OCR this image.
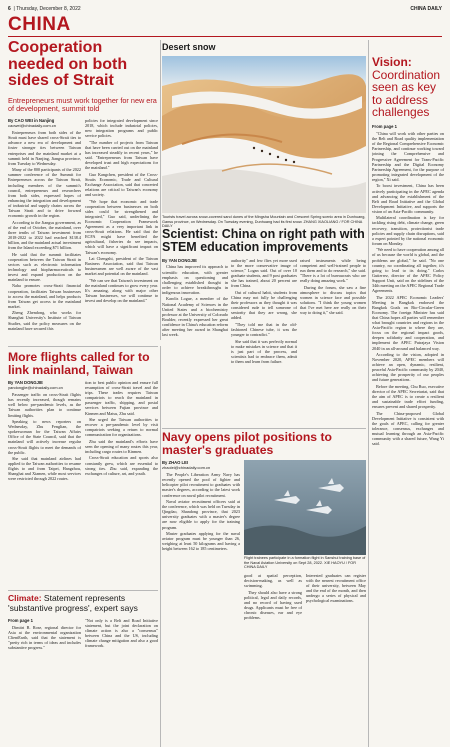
6  | Thursday, December 8, 2022	CHINA DAILY
CHINA
Cooperation needed on both sides of Strait
Entrepreneurs must work together for new era of development, summit told

By CAO WEI in Nanjing

caowei@chinadaily.com.cn

Entrepreneurs from both sides of the Strait must have shared cross-Strait ties to advance a new era of development and foster stronger ties between Taiwan enterprises and the mainland market at a summit held in Nanjing, Jiangsu province, from Tuesday to Wednesday.

Many of the 800 participants of the 2022 summer conference of the Summit for Entrepreneurs across the Taiwan Strait, including members of the summit's council, entrepreneurs and researchers from both sides, expressed hopes of enhancing the integration and development of industrial and supply chains across the Taiwan Strait and to drive forward economic growth in the region.

According to the Jiangsu government, as of the end of October, the mainland, over three tenths of Taiwan investment from 2018-2022 to 2022 had reached $138.4 billion, and the mainland actual investment from the Island exceeding $71 billion.

He said that the summit facilitates cooperation between the Taiwan Strait in sectors such as electronic information technology and biopharmaceuticals to invest and expand production on the mainland to ensure.

Naha promotes cross-Strait financial cooperation, facilitates Taiwan businesses to access the mainland, and helps products from Taiwan get access to the mainland market.

Zheng Zhendong, who works for Shanghai University's Institute of Taiwan Studies, said the policy measures on the mainland have secured this

policies for integrated development since 2018, which include industrial policies, new integration programs and public service policies.

"The number of projects from Taiwan that have been carried out on the mainland has increased steadily in recent years," he said. "Entrepreneurs from Taiwan have developed trust and high expectations for the mainland."

Guo Kangchen, president of the Cross-Straits Economic, Trade and Cultural Exchange Association, said that concerted relations are critical to Taiwan's economy and society.

"We hope that economic and trade cooperation between businesses on both sides could be strengthened and integrated," Guo said, underlining the Economic Cooperation Framework Agreement as a very important link in cross-Strait relations. He said that the ECFA might have benefited the agricultural, fisheries do see impacts, which will have a significant impact on Taiwan's economy.

Lai Chengzhi, president of the Taiwan Business Association, said that Taiwan businessmen are well aware of the vast market and potential on the mainland.

"We can see that Taiwan's investment on the mainland continues to grow every year. It's amazing, along with major other Taiwan businesses, we will continue to invest and develop on the mainland."

Desert snow
Tourists travel across snow-covered sand dunes of the Mingsha Mountain and Crescent Spring scenic area in Dunhuang, Gansu province, on Wednesday. On Tuesday evening, Dunhuang had its first snow. ZHANG XIAOLIANG / FOR CHINA DAILY
Scientist: China on right path with STEM education improvements

By YAN DONGJIE

China has improved its approach to scientific education, with greater emphasis on questioning and challenging established thought in order to achieve breakthroughs in indigenous innovation.

Karolis Logue, a member of the National Academy of Sciences in the United States and a biochemistry professor at the University of Colorado Boulder, recently expressed her great confidence in China's education reform after meeting her award in Shanghai last week.

authority" and few flies yet more used to the more conservative image of science," Logan said. Out of over 10 graduate students, and 9 post graduates she has trained, about 20 percent are from China.

Out of cultural habit, students from China may not fully be challenging their professors as they thought it was considered rude to tell someone of seniority that they are wrong, she added.

"They told me that in the old-fashioned Chinese tube, it was the younger to contradict."

She said that it was perfectly normal to make mistakes in science and that it is just part of the process, and scientists had to embrace them, admit to them and learn from failure.

raised instruments while being competent and well-trained people to run them and to do research," she said. "There is a lot of bureaucrats who are really doing amazing work."

During the forum, she saw a fine atmosphere to discuss topics that women in science face and possible solutions. "I think the young women that I've met here are really on their way to doing it," she said.

Vision: Coordination seen as key to address challenges

From page 1

"China will work with other parties on the Belt and Road quality implementation of the Regional Comprehensive Economic Partnership, and continue working toward joining the Comprehensive and Progressive Agreement for Trans-Pacific Partnership and the Digital Economy Partnership Agreement, for the purpose of promoting integrated development of the region," Xi said.

To boost investment, China has been actively participating in the APEC agenda and advancing the establishment of the Belt and Road Initiative and the Global Development Initiative, and supports the vision of an Asia-Pacific community.

Multilateral coordination is key for tackling rising debt, climate change, green recovery, transition, protectionist trade policies and supply chain disruptions, said a expert pointed by the national economic forum on Monday.

"We need to have cooperation among all of us because the world is global, and the problems are global," he said. "No one country, no coordinating all together, it's going to lead to its doing." Carlos Gutierrez, director of the APEC Policy Support Unit, said on the sidelines of the 34th meeting on the APEC Regional Trade Agreements.

The 2022 APEC Economic Leaders' Meeting in Bangkok endorsed the Bangkok Goals on Bio-Circular-Green Economy. The foreign Minister has said that China hopes all parties will remember what brought countries and regions in the Asia-Pacific region to where they are, focus on the regional impact goods, deepen solidarity and cooperation, and implement the APEC Putrajaya Vision 2040 in an all-around and balanced way.

According to the vision, adopted in November 2020, APEC members will achieve an open, dynamic, resilient, peaceful Asia-Pacific community by 2040, achieving the prosperity of our peoples and future generations.

Before the meeting, Chu Ruo, executive director of the APEC Secretariat, said that the aim of APEC is to create a resilient and sustainable trade effort funding, ensures prevent and shared prosperity.

The China-proposed Global Development Initiative is consistent with the goals of APEC, calling for greater tolerance, consensus, exchanges and mutual learning through an Asia-Pacific community with a shared future, Wang Yi said.

More flights called for to link mainland, Taiwan

By YAN DONGJIE

yandongjie@chinadaily.com.cn

Passenger traffic on cross-Strait flights has recently increased, though remains well below pre-pandemic levels, as the Taiwan authorities plan to continue limiting flights.

Speaking to news reporters on Wednesday, Zhu Fenglian, the spokeswoman for the Taiwan Affairs Office of the State Council, said that the mainland will actively increase regular cross-Strait flights to meet the demands of the public.

She said that mainland airlines had applied to the Taiwan authorities to resume flights to and from Taipei, Hangzhou, Shanghai and Xiamen, while most services were restricted through 2022 routes.

tion to best public opinion and ensure full resumption of cross-Strait travel and the trips. These trades requires Taiwan compatriots to reach the mainland in passenger traffic, shipping, and postal services between Fujian province and Kinmen and Matsu, Zhu said.

She urged the Taiwan authorities to recover a pre-pandemic level by visit compatriots seeking a return to normal communication for organizations.

Zhu said the mainland's efforts have seen the opening of many routes this year, including cargo routes to Kinmen.

Cross-Strait education and sports also constantly grew, which are essential to strong ties. Zhu said, expanding the exchanges of culture, art, and youth.

Navy opens pilot positions to master's graduates

By ZHAO LEI

zhaolei@chinadaily.com.cn

The People's Liberation Army Navy has recently opened the pool of fighter and helicopter pilot recruitment to graduates with master's degrees, according to the latest work conference on naval pilot recruitment.

Naval aviator recruitment officers said at the conference, which was held on Tuesday in Qingdao, Shandong province, that 2023 university graduates with a master's degree are now eligible to apply for the training program.

Master graduates applying for the naval aviator program must be younger than 26, weighing at least 50 kilograms and having a height between 162 to 185 centimeters.

Flight trainees participate in a formation flight in Sanshui training base of the Naval Aviation University on Sept 28, 2022. XIE HAOYU / FOR CHINA DAILY

good at spatial perception, decision-making, as well as swimming.

They should also have a strong political, legal and daily records, and no record of having used drugs. Applicants must be free of chronic diseases, ear and eye problems.

Interested graduates can register with the nearest recruitment office of their university, between May and the end of the month, and then undergo a series of physical and psychological examinations.

Climate: Statement represents 'substantive progress', expert says

From page 1

Dimitri B. Rose, regional director for Asia at the environmental organization ClientEarth, said that the statement is "pretty rich in terms of ideas and includes substantive progress."

"Not only is a Belt and Road Initiative statement, but the joint declaration on climate action is also a "consensus" between China and the US, including climate change mitigation and also a good framework.
